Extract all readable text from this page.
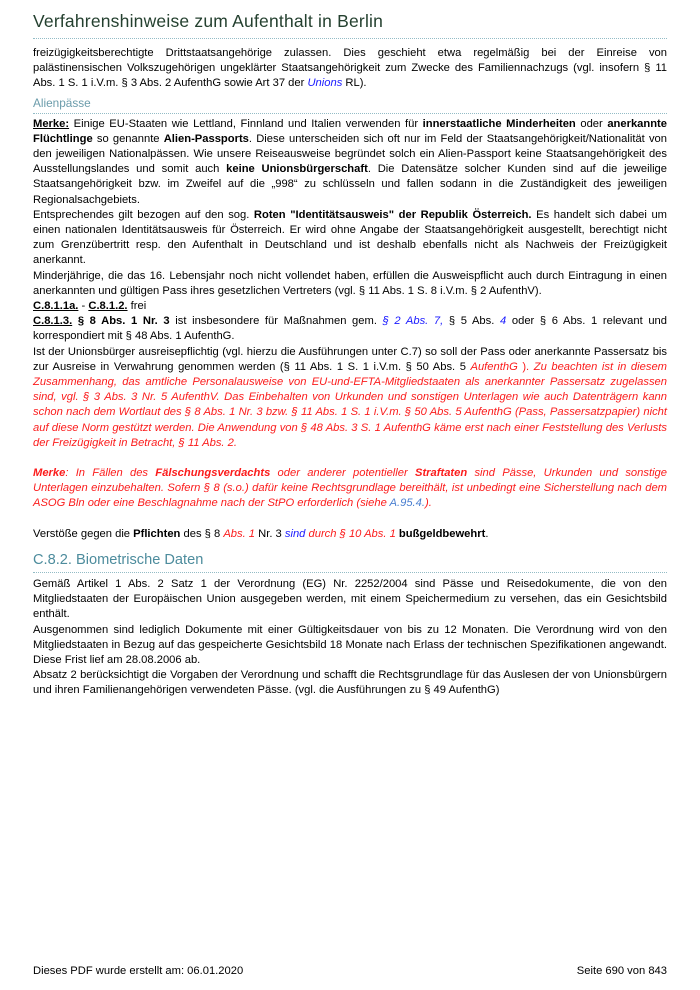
Verfahrenshinweise zum Aufenthalt in Berlin

freizügigkeitsberechtigte Drittstaatsangehörige zulassen. Dies geschieht etwa regelmäßig bei der Einreise von palästinensischen Volkszugehörigen ungeklärter Staatsangehörigkeit zum Zwecke des Familiennachzugs (vgl. insofern § 11 Abs. 1 S. 1 i.V.m. § 3 Abs. 2 AufenthG sowie Art 37 der Unions RL).

Alienpässe

Merke: Einige EU-Staaten wie Lettland, Finnland und Italien verwenden für innerstaatliche Minderheiten oder anerkannte Flüchtlinge so genannte Alien-Passports. Diese unterscheiden sich oft nur im Feld der Staatsangehörigkeit/Nationalität von den jeweiligen Nationalpässen. Wie unsere Reiseausweise begründet solch ein Alien-Passport keine Staatsangehörigkeit des Ausstellungslandes und somit auch keine Unionsbürgerschaft. Die Datensätze solcher Kunden sind auf die jeweilige Staatsangehörigkeit bzw. im Zweifel auf die „998“ zu schlüsseln und fallen sodann in die Zuständigkeit des jeweiligen Regionalsachgebiets.

Entsprechendes gilt bezogen auf den sog. Roten "Identitätsausweis" der Republik Österreich. Es handelt sich dabei um einen nationalen Identitätsausweis für Österreich. Er wird ohne Angabe der Staatsangehörigkeit ausgestellt, berechtigt nicht zum Grenzübertritt resp. den Aufenthalt in Deutschland und ist deshalb ebenfalls nicht als Nachweis der Freizügigkeit anerkannt.

Minderjährige, die das 16. Lebensjahr noch nicht vollendet haben, erfüllen die Ausweispflicht auch durch Eintragung in einen anerkannten und gültigen Pass ihres gesetzlichen Vertreters (vgl. § 11 Abs. 1 S. 8 i.V.m. § 2 AufenthV).

C.8.1.1a. - C.8.1.2. frei

C.8.1.3. § 8 Abs. 1 Nr. 3 ist insbesondere für Maßnahmen gem. § 2 Abs. 7, § 5 Abs. 4 oder § 6 Abs. 1 relevant und korrespondiert mit § 48 Abs. 1 AufenthG.

Ist der Unionsbürger ausreisepflichtig (vgl. hierzu die Ausführungen unter C.7) so soll der Pass oder anerkannte Passersatz bis zur Ausreise in Verwahrung genommen werden (§ 11 Abs. 1 S. 1 i.V.m. § 50 Abs. 5 AufenthG ). Zu beachten ist in diesem Zusammenhang, das amtliche Personalausweise von EU-und-EFTA-Mitgliedstaaten als anerkannter Passersatz zugelassen sind, vgl. § 3 Abs. 3 Nr. 5 AufenthV. Das Einbehalten von Urkunden und sonstigen Unterlagen wie auch Datenträgern kann schon nach dem Wortlaut des § 8 Abs. 1 Nr. 3 bzw. § 11 Abs. 1 S. 1 i.V.m. § 50 Abs. 5 AufenthG (Pass, Passersatzpapier) nicht auf diese Norm gestützt werden. Die Anwendung von § 48 Abs. 3 S. 1 AufenthG käme erst nach einer Feststellung des Verlusts der Freizügigkeit in Betracht, § 11 Abs. 2.

Merke: In Fällen des Fälschungsverdachts oder anderer potentieller Straftaten sind Pässe, Urkunden und sonstige Unterlagen einzubehalten. Sofern § 8 (s.o.) dafür keine Rechtsgrundlage bereithält, ist unbedingt eine Sicherstellung nach dem ASOG Bln oder eine Beschlagnahme nach der StPO erforderlich (siehe A.95.4.).

Verstöße gegen die Pflichten des § 8 Abs. 1 Nr. 3 sind durch § 10 Abs. 1 bußgeldbewehrt.

C.8.2. Biometrische Daten

Gemäß Artikel 1 Abs. 2 Satz 1 der Verordnung (EG) Nr. 2252/2004 sind Pässe und Reisedokumente, die von den Mitgliedstaaten der Europäischen Union ausgegeben werden, mit einem Speichermedium zu versehen, das ein Gesichtsbild enthält.

Ausgenommen sind lediglich Dokumente mit einer Gültigkeitsdauer von bis zu 12 Monaten. Die Verordnung wird von den Mitgliedstaaten in Bezug auf das gespeicherte Gesichtsbild 18 Monate nach Erlass der technischen Spezifikationen angewandt. Diese Frist lief am 28.08.2006 ab.

Absatz 2 berücksichtigt die Vorgaben der Verordnung und schafft die Rechtsgrundlage für das Auslesen der von Unionsbürgern und ihren Familienangehörigen verwendeten Pässe. (vgl. die Ausführungen zu § 49 AufenthG)

Dieses PDF wurde erstellt am: 06.01.2020	Seite 690 von 843
